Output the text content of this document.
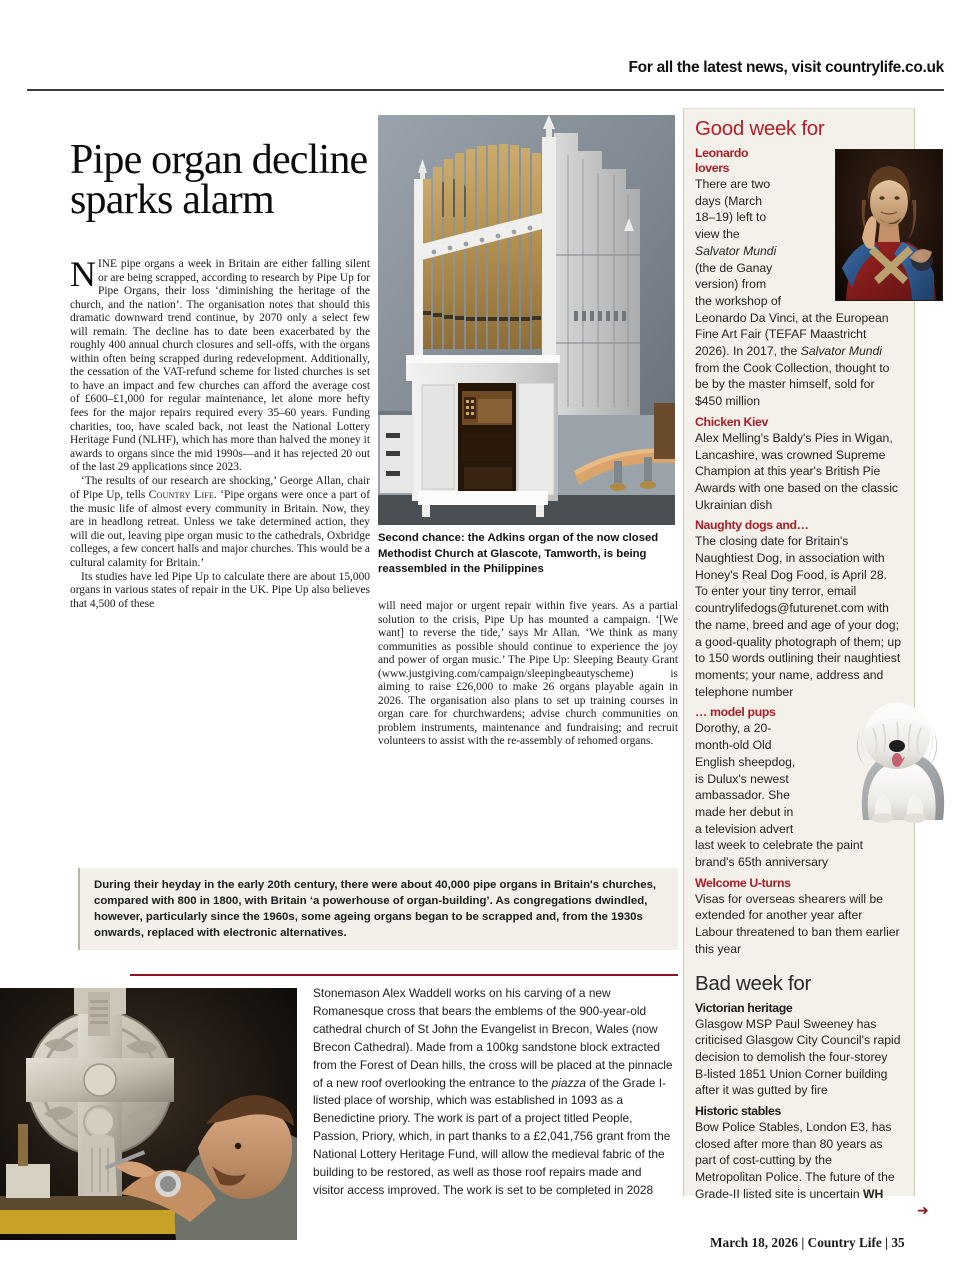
For all the latest news, visit countrylife.co.uk
Pipe organ decline sparks alarm

NINE pipe organs a week in Britain are either falling silent or are being scrapped, according to research by Pipe Up for Pipe Organs, their loss ‘diminishing the heritage of the church, and the nation’. The organisation notes that should this dramatic downward trend continue, by 2070 only a select few will remain. The decline has to date been exacerbated by the roughly 400 annual church closures and sell-offs, with the organs within often being scrapped during redevelopment. Additionally, the cessation of the VAT-refund scheme for listed churches is set to have an impact and few churches can afford the average cost of £600–£1,000 for regular maintenance, let alone more hefty fees for the major repairs required every 35–60 years. Funding charities, too, have scaled back, not least the National Lottery Heritage Fund (NLHF), which has more than halved the money it awards to organs since the mid 1990s—and it has rejected 20 out of the last 29 applications since 2023.

‘The results of our research are shocking,’ George Allan, chair of Pipe Up, tells Country Life. ‘Pipe organs were once a part of the music life of almost every community in Britain. Now, they are in headlong retreat. Unless we take determined action, they will die out, leaving pipe organ music to the cathedrals, Oxbridge colleges, a few concert halls and major churches. This would be a cultural calamity for Britain.’

Its studies have led Pipe Up to calculate there are about 15,000 organs in various states of repair in the UK. Pipe Up also believes that 4,500 of these

Second chance: the Adkins organ of the now closed Methodist Church at Glascote, Tamworth, is being reassembled in the Philippines

will need major or urgent repair within five years. As a partial solution to the crisis, Pipe Up has mounted a campaign. ‘[We want] to reverse the tide,’ says Mr Allan. ‘We think as many communities as possible should continue to experience the joy and power of organ music.’ The Pipe Up: Sleeping Beauty Grant (www.justgiving.com/campaign/sleepingbeautyscheme) is aiming to raise £26,000 to make 26 organs playable again in 2026. The organisation also plans to set up training courses in organ care for churchwardens; advise church communities on problem instruments, maintenance and fundraising; and recruit volunteers to assist with the re-assembly of rehomed organs.

During their heyday in the early 20th century, there were about 40,000 pipe organs in Britain's churches, compared with 800 in 1800, with Britain ‘a powerhouse of organ-building’. As congregations dwindled, however, particularly since the 1960s, some ageing organs began to be scrapped and, from the 1930s onwards, replaced with electronic alternatives.
Stonemason Alex Waddell works on his carving of a new Romanesque cross that bears the emblems of the 900-year-old cathedral church of St John the Evangelist in Brecon, Wales (now Brecon Cathedral). Made from a 100kg sandstone block extracted from the Forest of Dean hills, the cross will be placed at the pinnacle of a new roof overlooking the entrance to the piazza of the Grade I-listed place of worship, which was established in 1093 as a Benedictine priory. The work is part of a project titled People, Passion, Priory, which, in part thanks to a £2,041,756 grant from the National Lottery Heritage Fund, will allow the medieval fabric of the building to be restored, as well as those roof repairs made and visitor access improved. The work is set to be completed in 2028
Good week for
Leonardo lovers
There are two days (March 18–19) left to view the Salvator Mundi (the de Ganay version) from the workshop of Leonardo Da Vinci, at the European Fine Art Fair (TEFAF Maastricht 2026). In 2017, the Salvator Mundi from the Cook Collection, thought to be by the master himself, sold for $450 million
Chicken Kiev
Alex Melling's Baldy's Pies in Wigan, Lancashire, was crowned Supreme Champion at this year's British Pie Awards with one based on the classic Ukrainian dish
Naughty dogs and…
The closing date for Britain's Naughtiest Dog, in association with Honey's Real Dog Food, is April 28. To enter your tiny terror, email countrylifedogs@futurenet.com with the name, breed and age of your dog; a good-quality photograph of them; up to 150 words outlining their naughtiest moments; your name, address and telephone number
… model pups
Dorothy, a 20-month-old Old English sheepdog, is Dulux's newest ambassador. She made her debut in a television advert last week to celebrate the paint brand's 65th anniversary
Welcome U-turns
Visas for overseas shearers will be extended for another year after Labour threatened to ban them earlier this year
Bad week for
Victorian heritage
Glasgow MSP Paul Sweeney has criticised Glasgow City Council's rapid decision to demolish the four-storey B-listed 1851 Union Corner building after it was gutted by fire
Historic stables
Bow Police Stables, London E3, has closed after more than 80 years as part of cost-cutting by the Metropolitan Police. The future of the Grade-II listed site is uncertain WH
March 18, 2026 | Country Life | 35
➜
